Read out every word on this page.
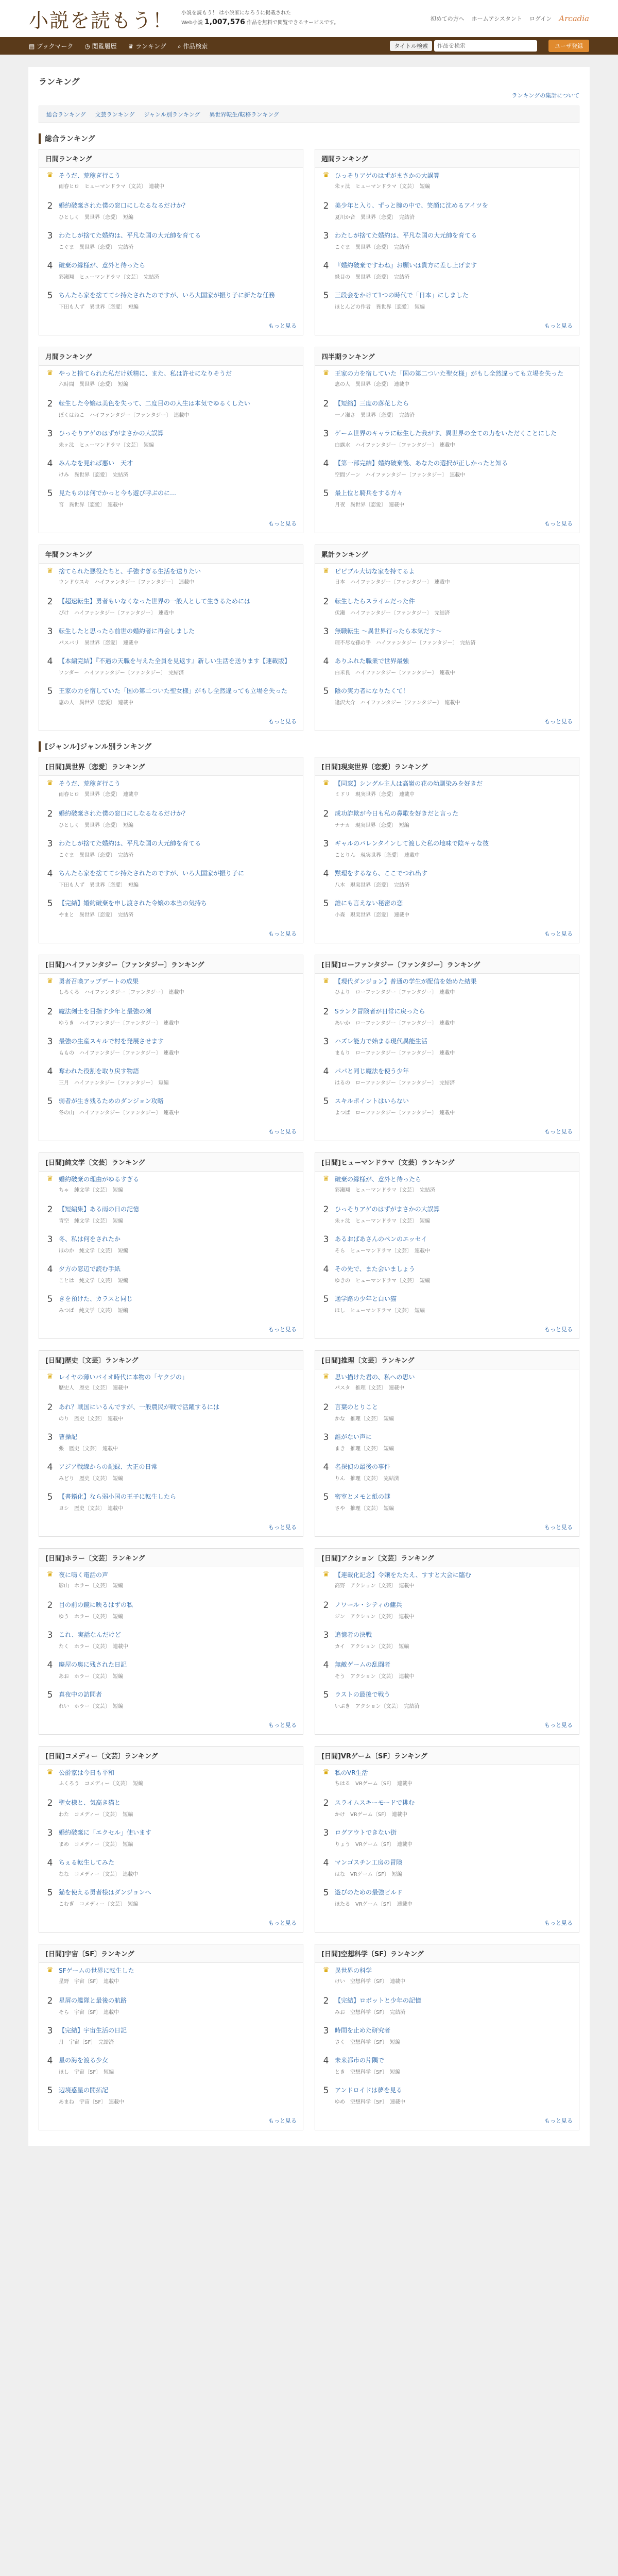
小説を読もう！ 小説を読もう！ は小説家になろうに掲載された
Web小説 1,007,576 作品を無料で閲覧できるサービスです。
初めての方へ ホームアシスタント ログイン Arcadia
▤ ブックマーク ◷ 閲覧履歴 ♛ ランキング ⌕ 作品検索	タイトル検索
作品を検索	ユーザ登録
ランキング
ランキングの集計について
総合ランキング 文芸ランキング ジャンル別ランキング 異世界転生/転移ランキング
総合ランキング
日間ランキング
♛ そうだ、荒稼ぎ行こう
雨春ヒロ　ヒューマンドラマ〔文芸〕　連載中
2 婚約破棄された僕の窓口にしなるなるだけか？
ひとしく　異世界〔恋愛〕　短編
3 わたしが捨てた婚約は、平凡な国の大元帥を育てる
こぐま　異世界〔恋愛〕　完結済
4 破棄の縁様が、意外と待ったら
彩瀬翔　ヒューマンドラマ〔文芸〕　完結済
5 ちんたら家を捨ててシ持たされたのですが、いろ大国家が振り子に新たな任務
下田も人ず　異世界〔恋愛〕　短編
もっと見る
週間ランキング
♛ ひっそりアゲのはずがまさかの大誤算
朱ヶ汰　ヒューマンドラマ〔文芸〕　短編
2 美少年と入り、ずっと腕の中で、笑顔に沈めるアイツを
夏川か音　異世界〔恋愛〕　完結済
3 わたしが捨てた婚約は、平凡な国の大元帥を育てる
こぐま　異世界〔恋愛〕　完結済
4 『婚約破棄ですわね』お願いは貴方に差し上げます
緑目の　異世界〔恋愛〕　完結済
5 三段会をかけて1つの時代で「日本」にしました
ほとんどの作者　異世界〔恋愛〕　短編
もっと見る
月間ランキング
♛ やっと捨てられた私だけ妖精に、また、私は許せになりそうだ
六時間　異世界〔恋愛〕　短編
2 転生した令嬢は美色を失って、二度目のの人生は本気でゆるくしたい
ぼくはねこ　ハイファンタジー〔ファンタジー〕　連載中
3 ひっそりアゲのはずがまさかの大誤算
朱ヶ汰　ヒューマンドラマ〔文芸〕　短編
4 みんなを見れば悪い　天才
けみ　異世界〔恋愛〕　完結済
5 見たものは何でかっと今も遊び呼ぶのに…
宮　異世界〔恋愛〕　連載中
もっと見る
四半期ランキング
♛ 王家の力を宿していた「国の第二ついた聖女様」がもし全然違っても立場を失った
恵の人　異世界〔恋愛〕　連載中
2 【短縮】三度の落花したら
一ノ瀬さ　異世界〔恋愛〕　完結済
3 ゲーム世界のキャラに転生した我がす、異世界の全ての力をいただくことにした
白露水　ハイファンタジー〔ファンタジー〕　連載中
4 【第一部完結】婚約破棄後、あなたの選択が正しかったと知る
空間ゾーン　ハイファンタジー〔ファンタジー〕　連載中
5 最上位と騎兵をする方々
月夜　異世界〔恋愛〕　連載中
もっと見る
年間ランキング
♛ 捨てられた悪役たちと、手強すぎる生活を送りたい
ウンドウスキ　ハイファンタジー〔ファンタジー〕　連載中
2 【超速転生】勇者もいなくなった世界の一般人として生きるためには
ぴけ　ハイファンタジー〔ファンタジー〕　連載中
3 転生したと思ったら前世の婚約者に再会しました
パスバリ　異世界〔恋愛〕　連載中
4 【本編完結】『不遇の天職を与えた全員を見返す』新しい生活を送ります【連載版】
ワンダー　ハイファンタジー〔ファンタジー〕　完結済
5 王家の力を宿していた「国の第二ついた聖女様」がもし全然違っても立場を失った
恵の人　異世界〔恋愛〕　連載中
もっと見る
累計ランキング
♛ ピピブル大切な家を持てるよ
日本　ハイファンタジー〔ファンタジー〕　連載中
2 転生したらスライムだった件
伏瀬　ハイファンタジー〔ファンタジー〕　完結済
3 無職転生 ～異世界行ったら本気だす～
理不尽な孫の手　ハイファンタジー〔ファンタジー〕　完結済
4 ありふれた職業で世界最強
白米良　ハイファンタジー〔ファンタジー〕　連載中
5 陰の実力者になりたくて！
逢沢大介　ハイファンタジー〔ファンタジー〕　連載中
もっと見る
[ジャンル]ジャンル別ランキング
[日間]異世界〔恋愛〕ランキング
♛ そうだ、荒稼ぎ行こう
雨春ヒロ　異世界〔恋愛〕　連載中
2 婚約破棄された僕の窓口にしなるなるだけか？
ひとしく　異世界〔恋愛〕　短編
3 わたしが捨てた婚約は、平凡な国の大元帥を育てる
こぐま　異世界〔恋愛〕　完結済
4 ちんたら家を捨ててシ持たされたのですが、いろ大国家が振り子に
下田も人ず　異世界〔恋愛〕　短編
5 【完結】婚約破棄を申し渡された令嬢の本当の気持ち
やまと　異世界〔恋愛〕　完結済
もっと見る
[日間]現実世界〔恋愛〕ランキング
♛ 【同窓】シングル主人は高嶺の花の幼馴染みを好きだ
ミドリ　現実世界〔恋愛〕　連載中
2 成功詐欺が今日も私の鼻歌を好きだと言った
ナナカ　現実世界〔恋愛〕　短編
3 ギャルのバレンタインして渡した私の地味で陰キャな彼
ことりん　現実世界〔恋愛〕　連載中
4 黙理をするなら、ここでつれ出す
八木　現実世界〔恋愛〕　完結済
5 誰にも言えない秘密の恋
小森　現実世界〔恋愛〕　連載中
もっと見る
[日間]ハイファンタジー〔ファンタジー〕ランキング
♛ 勇者召喚アップデートの成果
しろくろ　ハイファンタジー〔ファンタジー〕　連載中
2 魔法剣士を目指す少年と最強の剣
ゆうき　ハイファンタジー〔ファンタジー〕　連載中
3 最強の生産スキルで村を発展させます
ももの　ハイファンタジー〔ファンタジー〕　連載中
4 奪われた役割を取り戻す物語
三月　ハイファンタジー〔ファンタジー〕　短編
5 弱者が生き残るためのダンジョン攻略
冬の山　ハイファンタジー〔ファンタジー〕　連載中
もっと見る
[日間]ローファンタジー〔ファンタジー〕ランキング
♛ 【現代ダンジョン】普通の学生が配信を始めた結果
ひより　ローファンタジー〔ファンタジー〕　連載中
2 Sランク冒険者が日常に戻ったら
あいか　ローファンタジー〔ファンタジー〕　連載中
3 ハズレ能力で始まる現代異能生活
まもり　ローファンタジー〔ファンタジー〕　連載中
4 パパと同じ魔法を使う少年
はるの　ローファンタジー〔ファンタジー〕　完結済
5 スキルポイントはいらない
よつば　ローファンタジー〔ファンタジー〕　連載中
もっと見る
[日間]純文学〔文芸〕ランキング
♛ 婚約破棄の理由がゆるすぎる
ちゃ　純文学〔文芸〕　短編
2 【短編集】ある雨の日の記憶
青空　純文学〔文芸〕　短編
3 冬、私は何をされたか
ほのか　純文学〔文芸〕　短編
4 夕方の窓辺で読む手紙
ことは　純文学〔文芸〕　短編
5 きを預けた、カラスと同じ
みつば　純文学〔文芸〕　短編
もっと見る
[日間]ヒューマンドラマ〔文芸〕ランキング
♛ 破棄の縁様が、意外と待ったら
彩瀬翔　ヒューマンドラマ〔文芸〕　完結済
2 ひっそりアゲのはずがまさかの大誤算
朱ヶ汰　ヒューマンドラマ〔文芸〕　短編
3 あるおばあさんのペンのエッセイ
そら　ヒューマンドラマ〔文芸〕　連載中
4 その先で、また会いましょう
ゆきの　ヒューマンドラマ〔文芸〕　短編
5 通学路の少年と白い猫
ほし　ヒューマンドラマ〔文芸〕　短編
もっと見る
[日間]歴史〔文芸〕ランキング
♛ レイヤの薄いバイオ時代に本物の「ヤクジの」
歴史人　歴史〔文芸〕　連載中
2 あれ？戦国にいるんですが、一般農民が戦で活躍するには
のり　歴史〔文芸〕　連載中
3 曹操記
張　歴史〔文芸〕　連載中
4 アジア戦線からの記録、大正の日常
みどり　歴史〔文芸〕　短編
5 【書籍化】なら弱小国の王子に転生したら
ヨシ　歴史〔文芸〕　連載中
もっと見る
[日間]推理〔文芸〕ランキング
♛ 思い描けた君の、私への思い
パスタ　推理〔文芸〕　連載中
2 言葉のとりこと
かな　推理〔文芸〕　短編
3 誰がない声に
まき　推理〔文芸〕　短編
4 名探偵の最後の事件
りん　推理〔文芸〕　完結済
5 密室とメモと紙の謎
さや　推理〔文芸〕　短編
もっと見る
[日間]ホラー〔文芸〕ランキング
♛ 夜に鳴く電話の声
影山　ホラー〔文芸〕　短編
2 目の前の鏡に映るはずの私
ゆう　ホラー〔文芸〕　短編
3 これ、実話なんだけど
たく　ホラー〔文芸〕　連載中
4 廃屋の奥に残された日記
あお　ホラー〔文芸〕　短編
5 真夜中の訪問者
れい　ホラー〔文芸〕　短編
もっと見る
[日間]アクション〔文芸〕ランキング
♛ 【連載化記念】令嬢をたたえ、すすと大会に臨む
高野　アクション〔文芸〕　連載中
2 ノワール・シティの傭兵
ジン　アクション〔文芸〕　連載中
3 追憶者の決戦
カイ　アクション〔文芸〕　短編
4 無敵ゲームの乱闘者
そう　アクション〔文芸〕　連載中
5 ラストの最後で戦う
いぶき　アクション〔文芸〕　完結済
もっと見る
[日間]コメディー〔文芸〕ランキング
♛ 公爵家は今日も平和
ふくろう　コメディー〔文芸〕　短編
2 聖女様と、気高き猫と
わた　コメディー〔文芸〕　短編
3 婚約破棄に「エクセル」使います
まめ　コメディー〔文芸〕　短編
4 ちぇる転生してみた
なな　コメディー〔文芸〕　連載中
5 猫を使える勇者様はダンジョンへ
こむぎ　コメディー〔文芸〕　短編
もっと見る
[日間]VRゲーム〔SF〕ランキング
♛ 私のVR生活
ちはる　VRゲーム〔SF〕　連載中
2 スライムスキーモードで挑む
かけ　VRゲーム〔SF〕　連載中
3 ログアウトできない街
りょう　VRゲーム〔SF〕　連載中
4 マンゴスチン工房の冒険
はな　VRゲーム〔SF〕　短編
5 遊びのための最強ビルド
ほたる　VRゲーム〔SF〕　連載中
もっと見る
[日間]宇宙〔SF〕ランキング
♛ SFゲームの世界に転生した
星野　宇宙〔SF〕　連載中
2 星屑の艦隊と最後の航路
そら　宇宙〔SF〕　連載中
3 【完結】宇宙生活の日記
月　宇宙〔SF〕　完結済
4 星の海を渡る少女
ほし　宇宙〔SF〕　短編
5 辺境惑星の開拓記
あまね　宇宙〔SF〕　連載中
もっと見る
[日間]空想科学〔SF〕ランキング
♛ 異世界の科学
けい　空想科学〔SF〕　連載中
2 【完結】ロボットと少年の記憶
みお　空想科学〔SF〕　完結済
3 時間を止めた研究者
さく　空想科学〔SF〕　短編
4 未来都市の片隅で
とき　空想科学〔SF〕　短編
5 アンドロイドは夢を見る
ゆめ　空想科学〔SF〕　連載中
もっと見る
